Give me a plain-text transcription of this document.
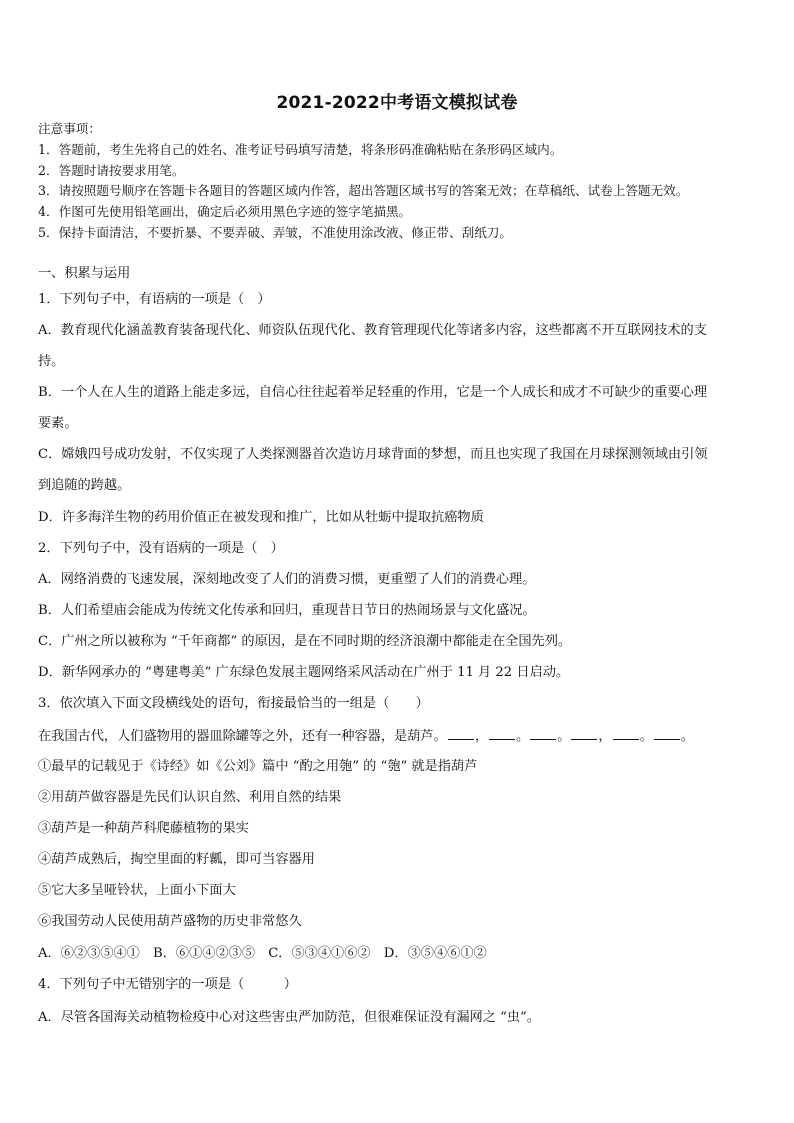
2021-2022中考语文模拟试卷
注意事项：
1．答题前，考生先将自己的姓名、准考证号码填写清楚，将条形码准确粘贴在条形码区域内。
2．答题时请按要求用笔。
3．请按照题号顺序在答题卡各题目的答题区域内作答，超出答题区域书写的答案无效；在草稿纸、试卷上答题无效。
4．作图可先使用铅笔画出，确定后必须用黑色字迹的签字笔描黑。
5．保持卡面清洁，不要折暴、不要弄破、弄皱，不准使用涂改液、修正带、刮纸刀。
一、积累与运用
1．下列句子中，有语病的一项是（　）
A．教育现代化涵盖教育装备现代化、师资队伍现代化、教育管理现代化等诸多内容，这些都离不开互联网技术的支
持。
B．一个人在人生的道路上能走多远，自信心往往起着举足轻重的作用，它是一个人成长和成才不可缺少的重要心理
要素。
C．嫦娥四号成功发射，不仅实现了人类探测器首次造访月球背面的梦想，而且也实现了我国在月球探测领域由引领
到追随的跨越。
D．许多海洋生物的药用价值正在被发现和推广，比如从牡蛎中提取抗癌物质
2．下列句子中，没有语病的一项是（　）
A．网络消费的飞速发展，深刻地改变了人们的消费习惯，更重塑了人们的消费心理。
B．人们希望庙会能成为传统文化传承和回归，重现昔日节日的热闹场景与文化盛况。
C．广州之所以被称为 “千年商都” 的原因，是在不同时期的经济浪潮中都能走在全国先列。
D．新华网承办的 “粤建粤美” 广东绿色发展主题网络采风活动在广州于 11 月 22 日启动。
3．依次填入下面文段横线处的语句，衔接最恰当的一组是（　　）
在我国古代，人们盛物用的器皿除罐等之外，还有一种容器，是葫芦。 ， 。 。 ， 。 。
①最早的记载见于《诗经》如《公刘》篇中 “酌之用匏” 的 “匏” 就是指葫芦
②用葫芦做容器是先民们认识自然、利用自然的结果
③葫芦是一种葫芦科爬藤植物的果实
④葫芦成熟后，掏空里面的籽瓤，即可当容器用
⑤它大多呈哑铃状，上面小下面大
⑥我国劳动人民使用葫芦盛物的历史非常悠久
A．⑥②③⑤④①　B．⑥①④②③⑤　C．⑤③④①⑥②　D．③⑤④⑥①②
4．下列句子中无错别字的一项是（　　　）
A．尽管各国海关动植物检疫中心对这些害虫严加防范，但很难保证没有漏网之 “虫”。
